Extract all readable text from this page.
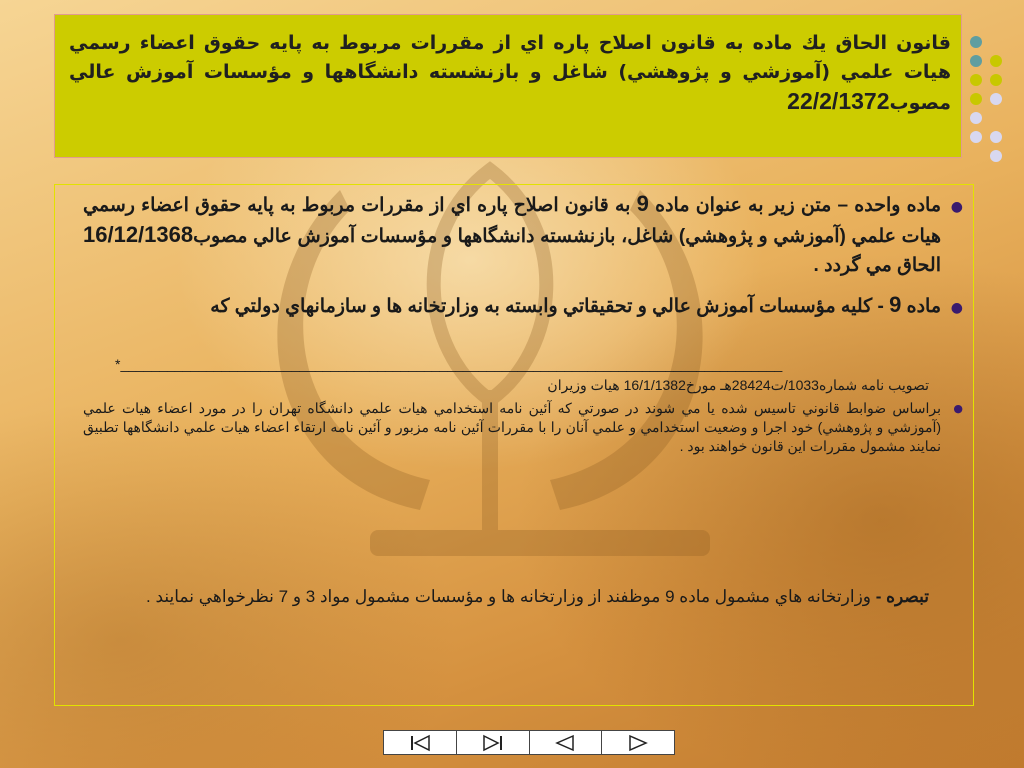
قانون الحاق يك ماده به قانون اصلاح پاره اي از مقررات مربوط به پايه حقوق اعضاء رسمي هيات علمي (آموزشي و پژوهشي) شاغل و بازنشسته دانشگاهها و مؤسسات آموزش عالي مصوب22/2/1372
●
ماده واحده – متن زير به عنوان ماده 9 به قانون اصلاح پاره اي از مقررات مربوط به پايه حقوق اعضاء رسمي هيات علمي (آموزشي و پژوهشي) شاغل، بازنشسته دانشگاهها و مؤسسات آموزش عالي مصوب16/12/1368 الحاق مي گردد .
●
ماده 9 - كليه مؤسسات آموزش عالي و تحقيقاتي وابسته به وزارتخانه ها و سازمانهاي دولتي كه
*_____________________________________________________________________________________
تصويب نامه شماره1033/ت28424هـ مورخ16/1/1382 هيات وزيران
●
براساس ضوابط قانوني تاسيس شده يا مي شوند در صورتي كه آئين نامه استخدامي هيات علمي دانشگاه تهران را در مورد اعضاء هيات علمي (آموزشي و پژوهشي) خود اجرا و وضعيت استخدامي و علمي آنان را با مقررات آئين نامه مزبور و آئين نامه ارتقاء اعضاء هيات علمي دانشگاهها تطبيق نمايند مشمول مقررات اين قانون خواهند بود .
تبصره - وزارتخانه هاي مشمول ماده 9 موظفند از وزارتخانه ها و مؤسسات مشمول مواد 3 و 7 نظرخواهي نمايند .
